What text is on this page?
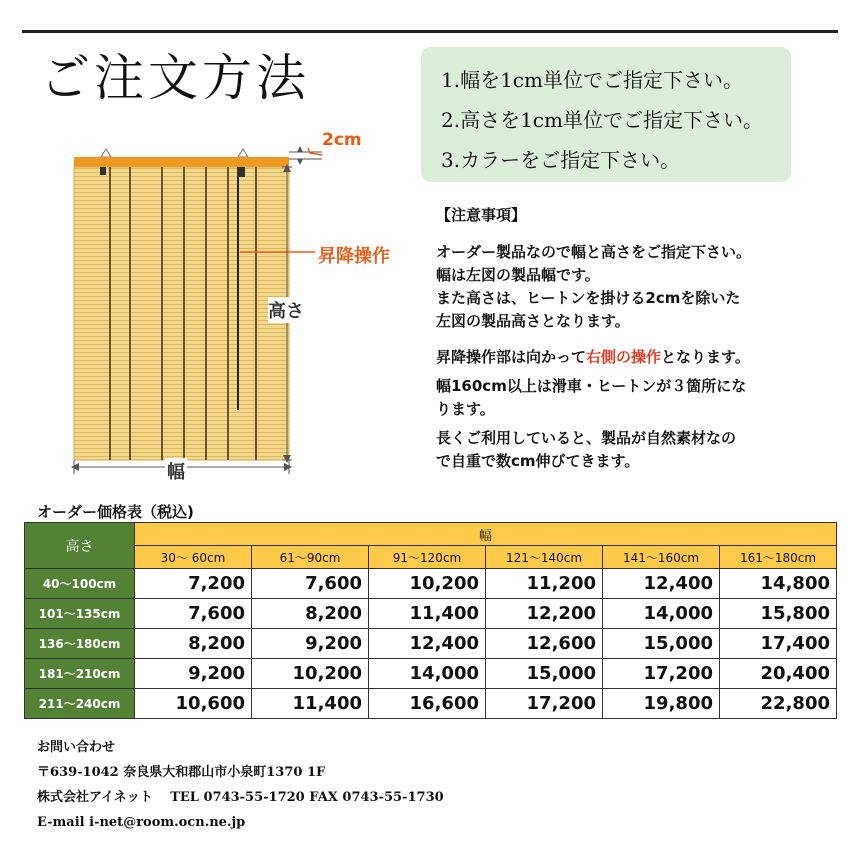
ご注文方法	1.幅を1cm単位でご指定下さい。
2.高さを1cm単位でご指定下さい。
3.カラーをご指定下さい。
2cm
昇降操作
高さ
幅

【注意事項】

オーダー製品なので幅と高さをご指定下さい。

幅は左図の製品幅です。

また高さは、ヒートンを掛ける2cmを除いた

左図の製品高さとなります。

昇降操作部は向かって右側の操作となります。

幅160cm以上は滑車・ヒートンが３箇所にな

ります。

長くご利用していると、製品が自然素材なの

で自重で数cm伸びてきます。

オーダー価格表（税込)
高さ	幅					
	30～ 60cm	61～90cm	91～120cm	121～140cm	141～160cm	161～180cm
40～100cm	7,200	7,600	10,200	11,200	12,400	14,800
101～135cm	7,600	8,200	11,400	12,200	14,000	15,800
136～180cm	8,200	9,200	12,400	12,600	15,000	17,400
181～210cm	9,200	10,200	14,000	15,000	17,200	20,400
211～240cm	10,600	11,400	16,600	17,200	19,800	22,800
お問い合わせ
〒639-1042 奈良県大和郡山市小泉町1370 1F
株式会社アイネット　 TEL 0743-55-1720 FAX 0743-55-1730
E-mail i-net@room.ocn.ne.jp
